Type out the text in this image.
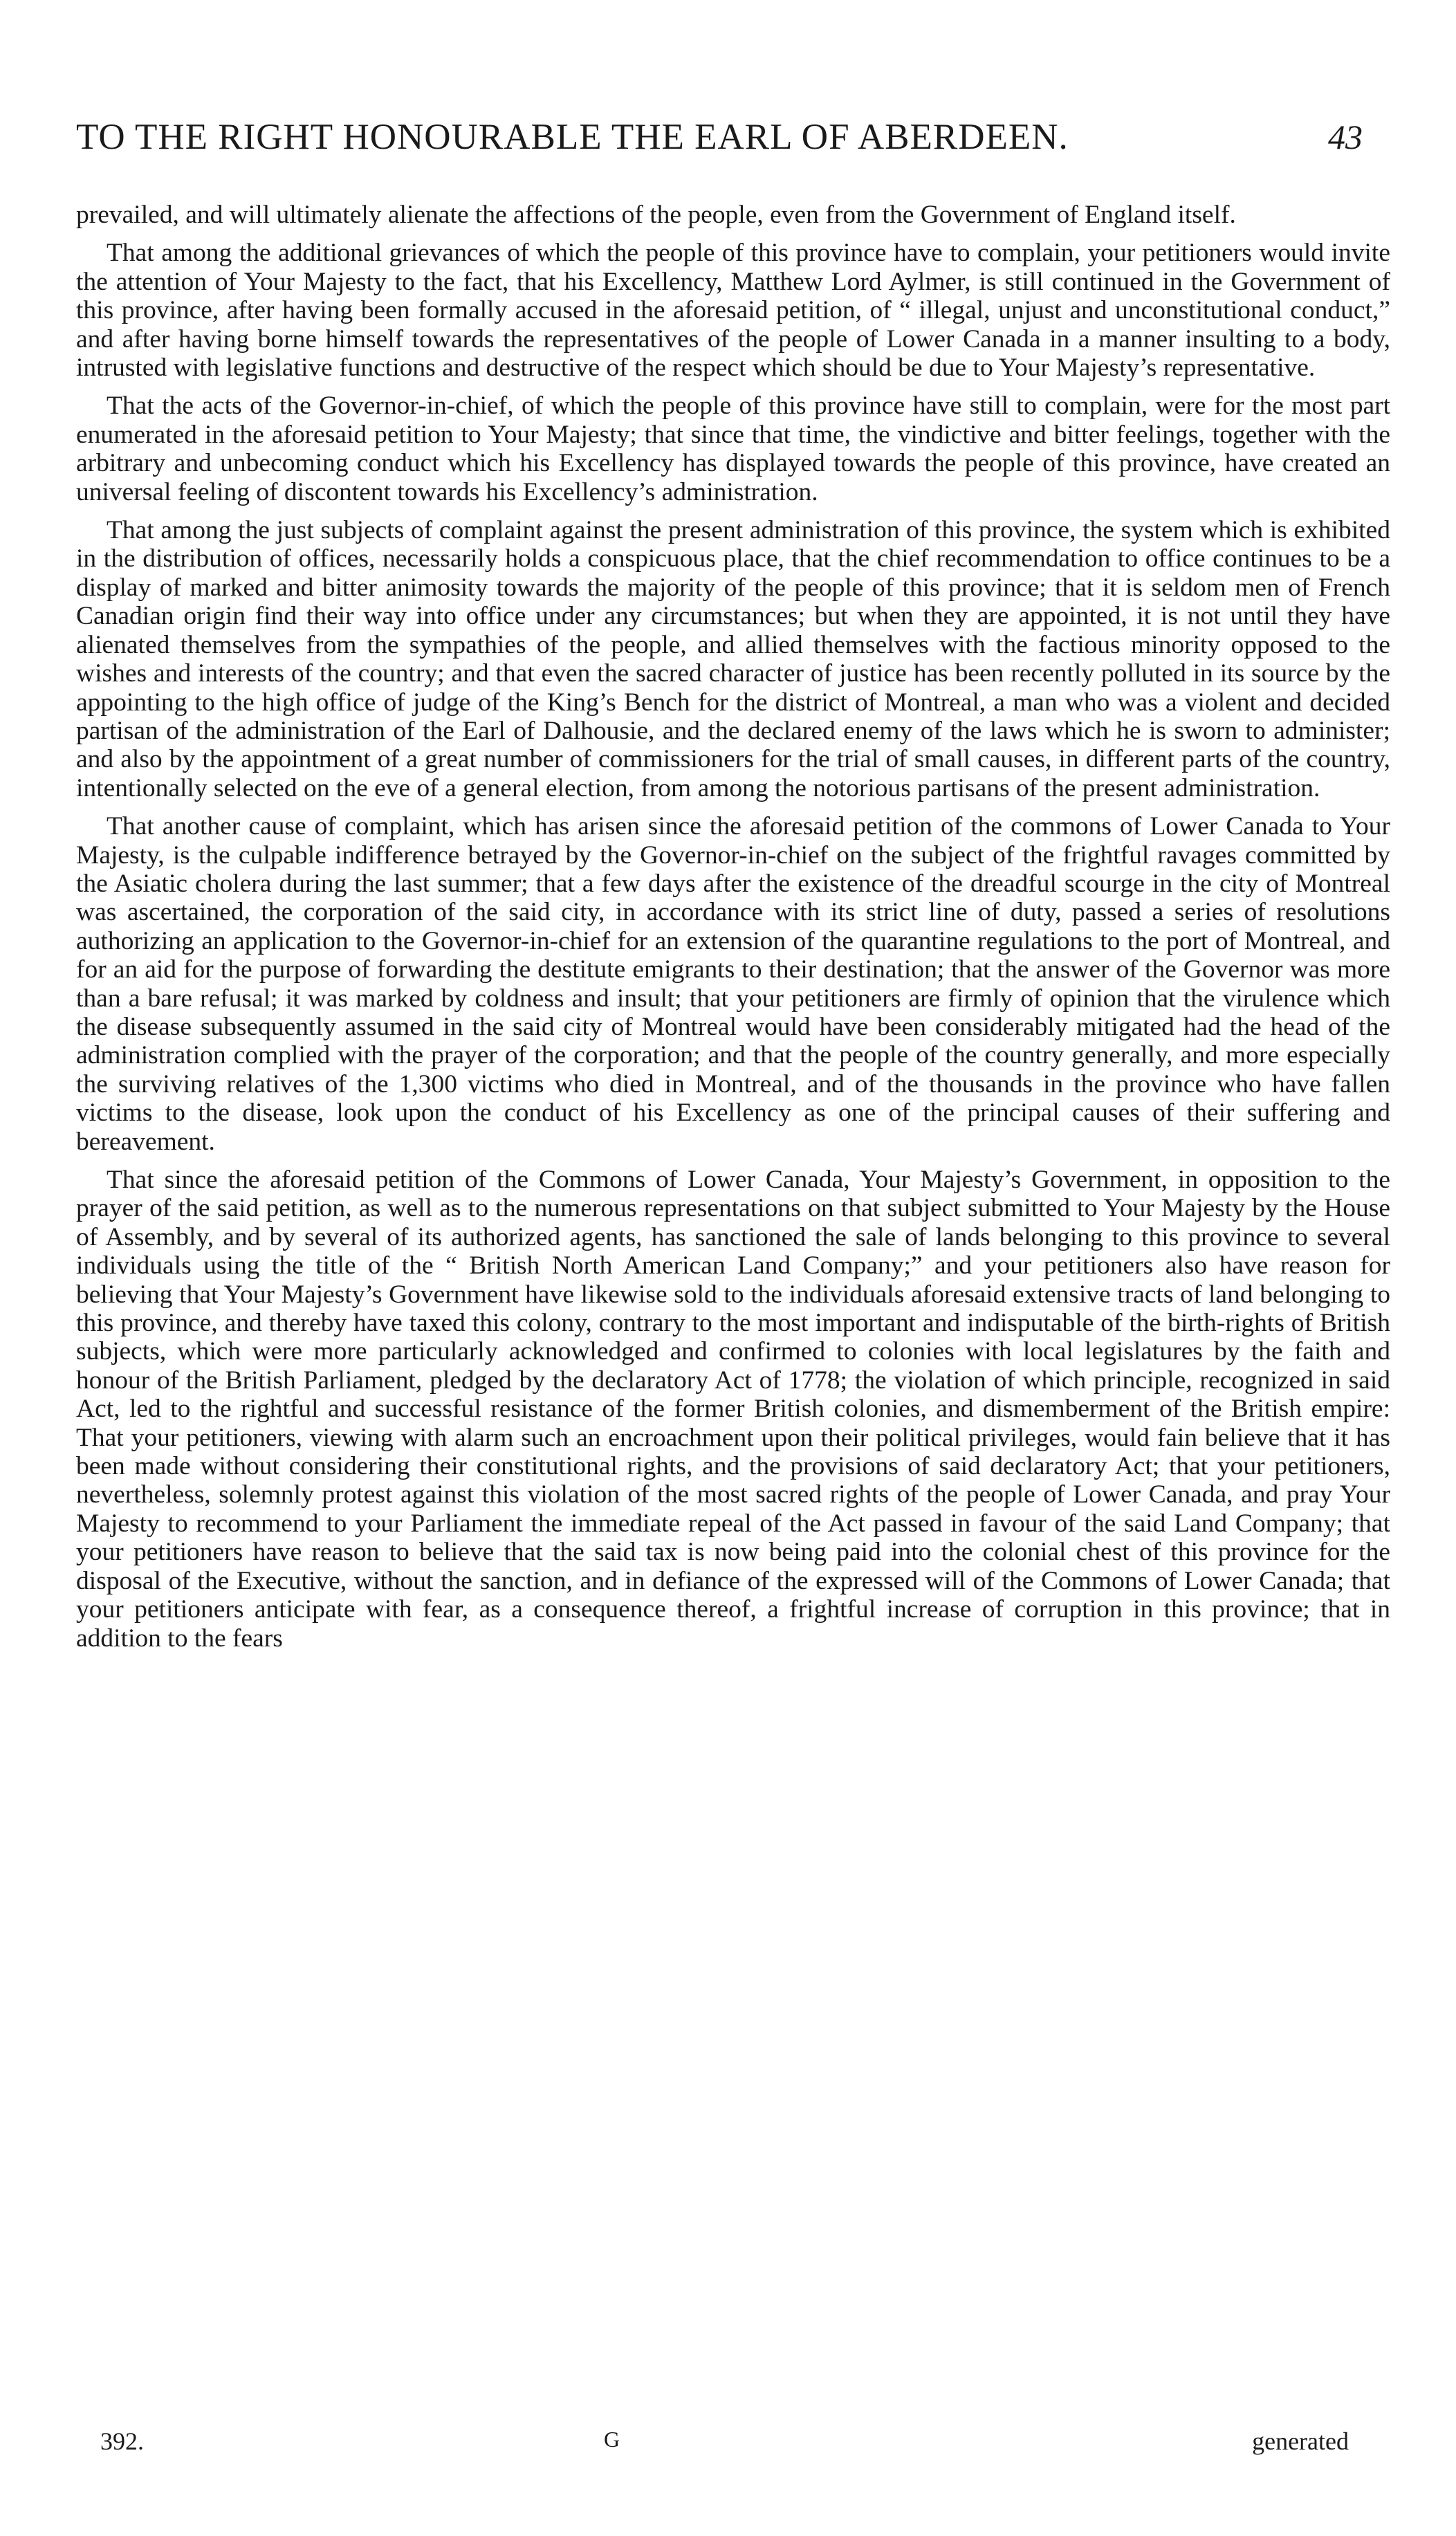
TO THE RIGHT HONOURABLE THE EARL OF ABERDEEN.	43

prevailed, and will ultimately alienate the affections of the people, even from the Government of England itself.

That among the additional grievances of which the people of this province have to complain, your petitioners would invite the attention of Your Majesty to the fact, that his Excellency, Matthew Lord Aylmer, is still continued in the Government of this province, after having been formally accused in the aforesaid petition, of “ illegal, unjust and unconstitutional conduct,” and after having borne himself towards the representatives of the people of Lower Canada in a manner insulting to a body, intrusted with legislative functions and destructive of the respect which should be due to Your Majesty’s representative.

That the acts of the Governor-in-chief, of which the people of this province have still to complain, were for the most part enumerated in the aforesaid petition to Your Majesty; that since that time, the vindictive and bitter feelings, together with the arbitrary and unbecoming conduct which his Excellency has displayed towards the people of this province, have created an universal feeling of discontent towards his Excellency’s administration.

That among the just subjects of complaint against the present administration of this province, the system which is exhibited in the distribution of offices, necessarily holds a conspicuous place, that the chief recommendation to office continues to be a display of marked and bitter animosity towards the majority of the people of this province; that it is seldom men of French Canadian origin find their way into office under any circumstances; but when they are appointed, it is not until they have alienated themselves from the sympathies of the people, and allied themselves with the factious minority opposed to the wishes and interests of the country; and that even the sacred character of justice has been recently polluted in its source by the appointing to the high office of judge of the King’s Bench for the district of Montreal, a man who was a violent and decided partisan of the administration of the Earl of Dalhousie, and the declared enemy of the laws which he is sworn to administer; and also by the appointment of a great number of commissioners for the trial of small causes, in different parts of the country, intentionally selected on the eve of a general election, from among the notorious partisans of the present administration.

That another cause of complaint, which has arisen since the aforesaid petition of the commons of Lower Canada to Your Majesty, is the culpable indifference betrayed by the Governor-in-chief on the subject of the frightful ravages committed by the Asiatic cholera during the last summer; that a few days after the existence of the dreadful scourge in the city of Montreal was ascertained, the corporation of the said city, in accordance with its strict line of duty, passed a series of resolutions authorizing an application to the Governor-in-chief for an extension of the quarantine regulations to the port of Montreal, and for an aid for the purpose of forwarding the destitute emigrants to their destination; that the answer of the Governor was more than a bare refusal; it was marked by coldness and insult; that your petitioners are firmly of opinion that the virulence which the disease subsequently assumed in the said city of Montreal would have been considerably mitigated had the head of the administration complied with the prayer of the corporation; and that the people of the country generally, and more especially the surviving relatives of the 1,300 victims who died in Montreal, and of the thousands in the province who have fallen victims to the disease, look upon the conduct of his Excellency as one of the principal causes of their suffering and bereavement.

That since the aforesaid petition of the Commons of Lower Canada, Your Majesty’s Government, in opposition to the prayer of the said petition, as well as to the numerous representations on that subject submitted to Your Majesty by the House of Assembly, and by several of its authorized agents, has sanctioned the sale of lands belonging to this province to several individuals using the title of the “ British North American Land Company;” and your petitioners also have reason for believing that Your Majesty’s Government have likewise sold to the individuals aforesaid extensive tracts of land belonging to this province, and thereby have taxed this colony, contrary to the most important and indisputable of the birth-rights of British subjects, which were more particularly acknowledged and confirmed to colonies with local legislatures by the faith and honour of the British Parliament, pledged by the declaratory Act of 1778; the violation of which principle, recognized in said Act, led to the rightful and successful resistance of the former British colonies, and dismemberment of the British empire: That your petitioners, viewing with alarm such an encroachment upon their political privileges, would fain believe that it has been made without considering their constitutional rights, and the provisions of said declaratory Act; that your petitioners, nevertheless, solemnly protest against this violation of the most sacred rights of the people of Lower Canada, and pray Your Majesty to recommend to your Parliament the immediate repeal of the Act passed in favour of the said Land Company; that your petitioners have reason to believe that the said tax is now being paid into the colonial chest of this province for the disposal of the Executive, without the sanction, and in defiance of the expressed will of the Commons of Lower Canada; that your petitioners anticipate with fear, as a consequence thereof, a frightful increase of corruption in this province; that in addition to the fears

392.	G	generated
